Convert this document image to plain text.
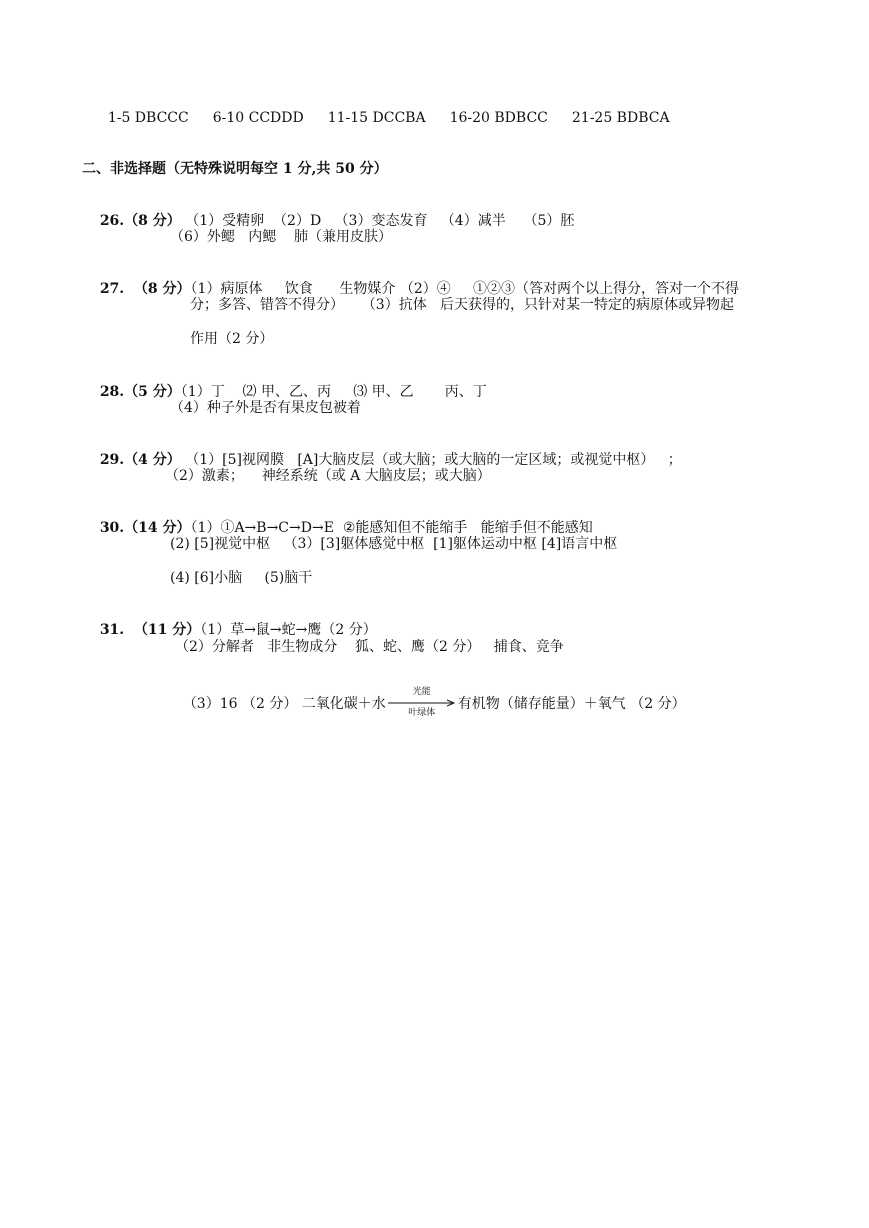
1-5 DBCCC 6-10 CCDDD 11-15 DCCBA 16-20 BDBCC 21-25 BDBCA

二、非选择题（无特殊说明每空 1 分,共 50 分）

26.（8 分） （1）受精卵  （2）D   （3）变态发育   （4）减半    （5）胚

（6）外鳃   内鳃    肺（兼用皮肤）

27.  （8 分）（1）病原体     饮食      生物媒介 （2）④     ①②③（答对两个以上得分，答对一个不得

分；多答、错答不得分）    （3）抗体   后天获得的，只针对某一特定的病原体或异物起
作用（2 分）

28.（5 分）（1）丁    ⑵ 甲、乙、丙     ⑶ 甲、乙       丙、丁

（4）种子外是否有果皮包被着

29.（4 分） （1）[5]视网膜   [A]大脑皮层（或大脑；或大脑的一定区域；或视觉中枢）   ；

（2）激素；    神经系统（或 A 大脑皮层；或大脑）

30.（14 分）（1）①A→B→C→D→E  ②能感知但不能缩手   能缩手但不能感知

(2) [5]视觉中枢   （3）[3]躯体感觉中枢  [1]躯体运动中枢 [4]语言中枢
(4) [6]小脑     (5)脑干

31.  （11 分）（1）草→鼠→蛇→鹰（2 分）

（2）分解者   非生物成分    狐、蛇、鹰（2 分）   捕食、竞争

（3）16 （2 分） 二氧化碳＋水
光能
叶绿体
有机物（储存能量）＋氧气 （2 分）
